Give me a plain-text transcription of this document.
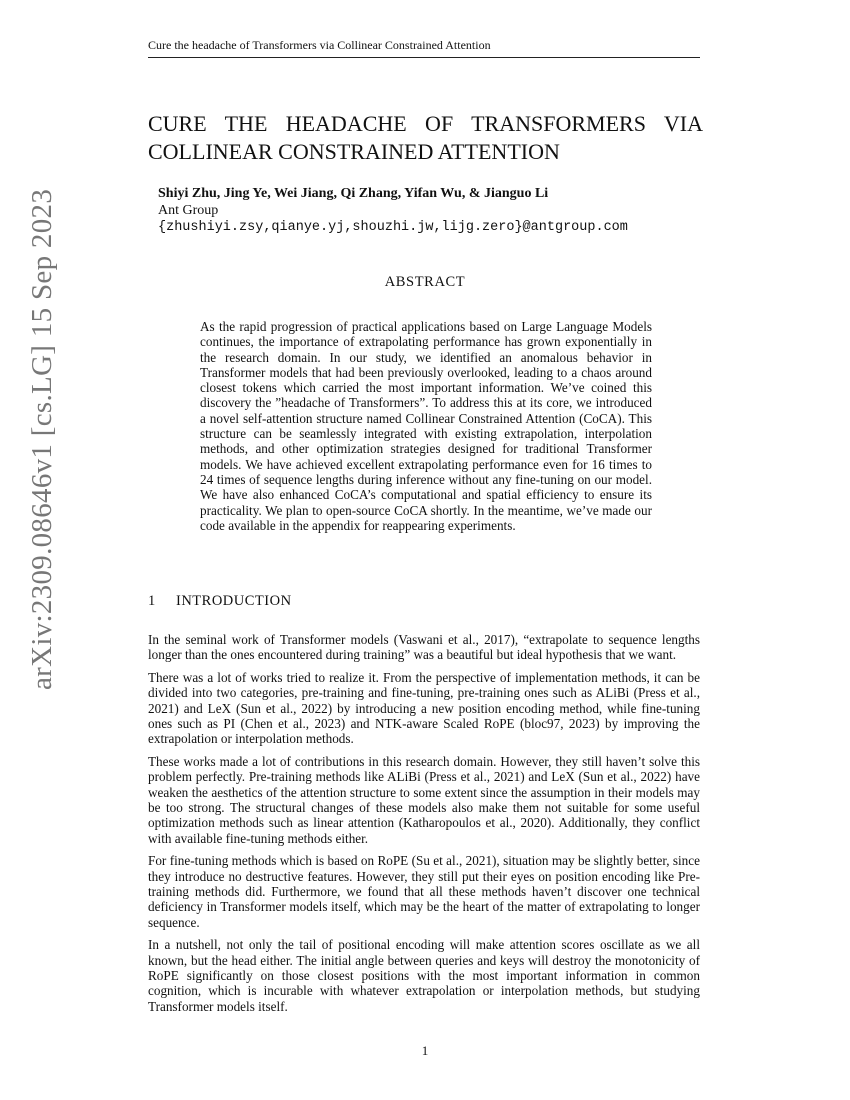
Cure the headache of Transformers via Collinear Constrained Attention
arXiv:2309.08646v1 [cs.LG] 15 Sep 2023
CURE THE HEADACHE OF TRANSFORMERS VIA
COLLINEAR CONSTRAINED ATTENTION
Shiyi Zhu, Jing Ye, Wei Jiang, Qi Zhang, Yifan Wu, & Jianguo Li
Ant Group
{zhushiyi.zsy,qianye.yj,shouzhi.jw,lijg.zero}@antgroup.com
ABSTRACT

As the rapid progression of practical applications based on Large Language Models continues, the importance of extrapolating performance has grown exponentially in the research domain. In our study, we identified an anomalous behavior in Transformer models that had been previously overlooked, leading to a chaos around closest tokens which carried the most important information. We’ve coined this discovery the ”headache of Transformers”. To address this at its core, we introduced a novel self-attention structure named Collinear Constrained Attention (CoCA). This structure can be seamlessly integrated with existing extrapolation, interpolation methods, and other optimization strategies designed for traditional Transformer models. We have achieved excellent extrapolating performance even for 16 times to 24 times of sequence lengths during inference without any fine-tuning on our model. We have also enhanced CoCA’s computational and spatial efficiency to ensure its practicality. We plan to open-source CoCA shortly. In the meantime, we’ve made our code available in the appendix for reappearing experiments.

1 INTRODUCTION

In the seminal work of Transformer models (Vaswani et al., 2017), “extrapolate to sequence lengths longer than the ones encountered during training” was a beautiful but ideal hypothesis that we want.

There was a lot of works tried to realize it. From the perspective of implementation methods, it can be divided into two categories, pre-training and fine-tuning, pre-training ones such as ALiBi (Press et al., 2021) and LeX (Sun et al., 2022) by introducing a new position encoding method, while fine-tuning ones such as PI (Chen et al., 2023) and NTK-aware Scaled RoPE (bloc97, 2023) by improving the extrapolation or interpolation methods.

These works made a lot of contributions in this research domain. However, they still haven’t solve this problem perfectly. Pre-training methods like ALiBi (Press et al., 2021) and LeX (Sun et al., 2022) have weaken the aesthetics of the attention structure to some extent since the assumption in their models may be too strong. The structural changes of these models also make them not suitable for some useful optimization methods such as linear attention (Katharopoulos et al., 2020). Additionally, they conflict with available fine-tuning methods either.

For fine-tuning methods which is based on RoPE (Su et al., 2021), situation may be slightly better, since they introduce no destructive features. However, they still put their eyes on position encoding like Pre-training methods did. Furthermore, we found that all these methods haven’t discover one technical deficiency in Transformer models itself, which may be the heart of the matter of extrapolating to longer sequence.

In a nutshell, not only the tail of positional encoding will make attention scores oscillate as we all known, but the head either. The initial angle between queries and keys will destroy the monotonicity of RoPE significantly on those closest positions with the most important information in common cognition, which is incurable with whatever extrapolation or interpolation methods, but studying Transformer models itself.

1
